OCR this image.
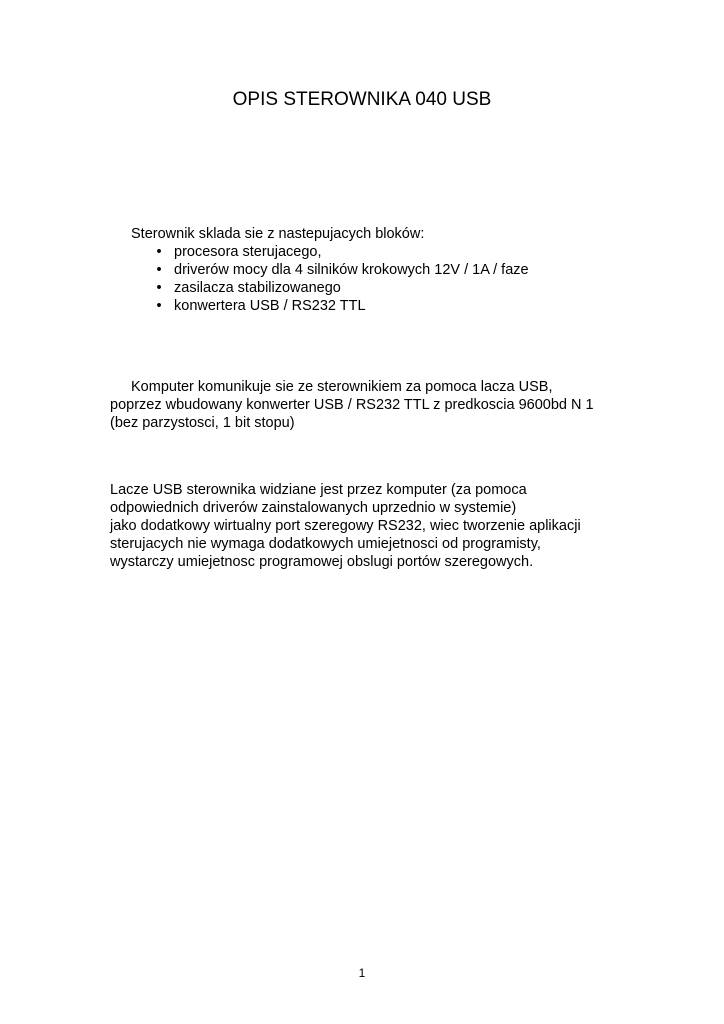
OPIS STEROWNIKA 040 USB

Sterownik sklada sie z nastepujacych bloków:

• procesora sterujacego,
• driverów mocy dla 4 silników krokowych 12V / 1A / faze
• zasilacza stabilizowanego
• konwertera USB / RS232 TTL

Komputer komunikuje sie ze sterownikiem za pomoca lacza USB,

poprzez wbudowany konwerter USB / RS232 TTL z predkoscia 9600bd N 1

(bez parzystosci, 1 bit stopu)

Lacze USB sterownika widziane jest przez komputer (za pomoca

odpowiednich driverów zainstalowanych uprzednio w systemie)

jako dodatkowy wirtualny port szeregowy RS232, wiec tworzenie aplikacji

sterujacych nie wymaga dodatkowych umiejetnosci od programisty,

wystarczy umiejetnosc programowej obslugi portów szeregowych.

1
